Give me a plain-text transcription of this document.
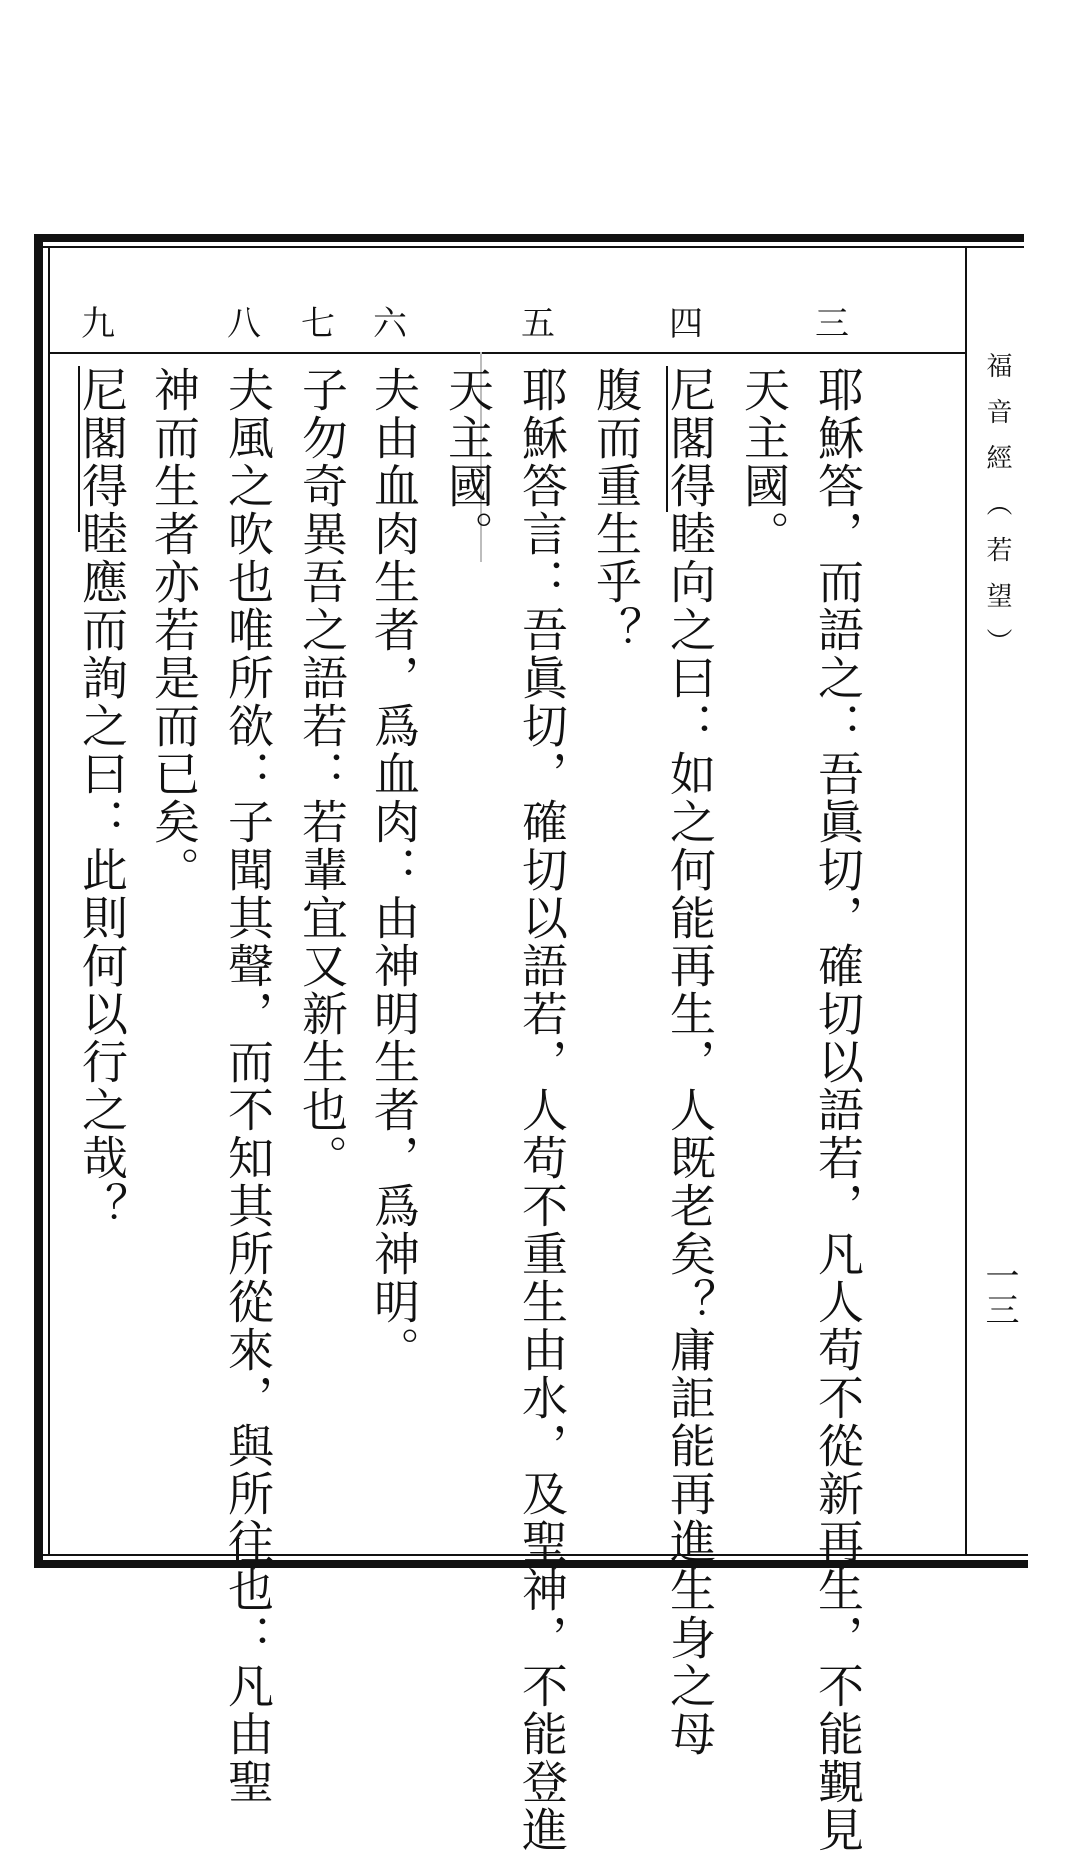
福音經（若望）
一三
三
耶穌答，而語之：吾眞切，確切以語若，凡人苟不從新再生，不能覲見
天主國。
四
尼閣得睦向之曰：如之何能再生，人既老矣？庸詎能再進生身之母
腹而重生乎？
五
耶穌答言：吾眞切，確切以語若，人苟不重生由水，及聖神，不能登進
天主國。
六
夫由血肉生者，爲血肉：由神明生者，爲神明。
七
子勿奇異吾之語若：若輩宜又新生也。
八
夫風之吹也唯所欲：子聞其聲，而不知其所從來，與所往也：凡由聖
神而生者亦若是而已矣。
九
尼閣得睦應而詢之曰：此則何以行之哉？
